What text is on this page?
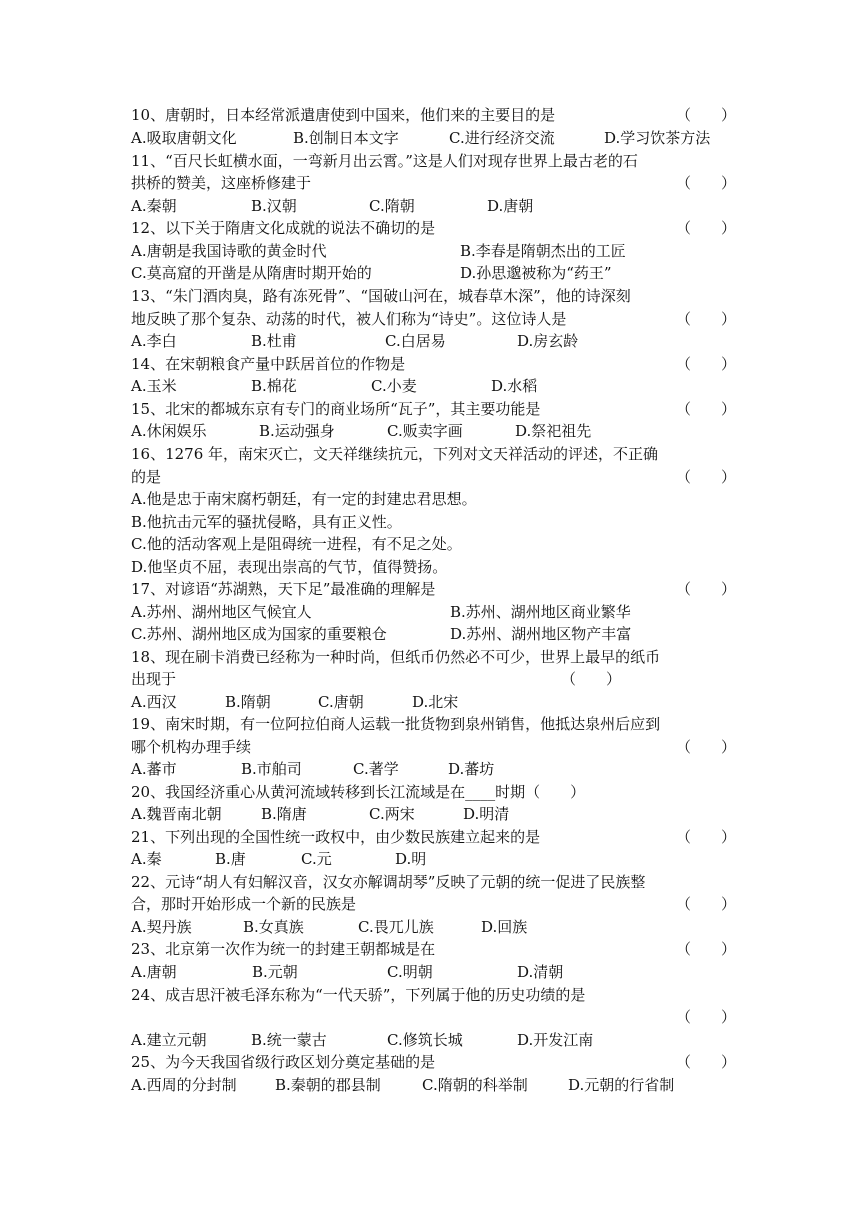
10、唐朝时，日本经常派遣唐使到中国来，他们来的主要目的是	（　　）
A.吸取唐朝文化	B.创制日本文字	C.进行经济交流	D.学习饮茶方法
11、“百尺长虹横水面，一弯新月出云霄。”这是人们对现存世界上最古老的石
拱桥的赞美，这座桥修建于	（　　）
A.秦朝	B.汉朝	C.隋朝	D.唐朝
12、以下关于隋唐文化成就的说法不确切的是	（　　）
A.唐朝是我国诗歌的黄金时代	B.李春是隋朝杰出的工匠
C.莫高窟的开凿是从隋唐时期开始的	D.孙思邈被称为“药王”
13、“朱门酒肉臭，路有冻死骨”、“国破山河在，城春草木深”，他的诗深刻
地反映了那个复杂、动荡的时代，被人们称为“诗史”。这位诗人是	（　　）
A.李白	B.杜甫	C.白居易	D.房玄龄
14、在宋朝粮食产量中跃居首位的作物是	（　　）
A.玉米	B.棉花	C.小麦	D.水稻
15、北宋的都城东京有专门的商业场所“瓦子”，其主要功能是	（　　）
A.休闲娱乐	B.运动强身	C.贩卖字画	D.祭祀祖先
16、1276 年，南宋灭亡，文天祥继续抗元，下列对文天祥活动的评述，不正确
的是	（　　）
A.他是忠于南宋腐朽朝廷，有一定的封建忠君思想。
B.他抗击元军的骚扰侵略，具有正义性。
C.他的活动客观上是阻碍统一进程，有不足之处。
D.他坚贞不屈，表现出崇高的气节，值得赞扬。
17、对谚语“苏湖熟，天下足”最准确的理解是	（　　）
A.苏州、湖州地区气候宜人	B.苏州、湖州地区商业繁华
C.苏州、湖州地区成为国家的重要粮仓	D.苏州、湖州地区物产丰富
18、现在刷卡消费已经称为一种时尚，但纸币仍然必不可少，世界上最早的纸币
出现于	（　　）
A.西汉	B.隋朝	C.唐朝	D.北宋
19、南宋时期，有一位阿拉伯商人运载一批货物到泉州销售，他抵达泉州后应到
哪个机构办理手续	（　　）
A.蕃市	B.市舶司	C.著学	D.蕃坊
20、我国经济重心从黄河流域转移到长江流域是在____时期（　　）
A.魏晋南北朝	B.隋唐	C.两宋	D.明清
21、下列出现的全国性统一政权中，由少数民族建立起来的是	（　　）
A.秦	B.唐	C.元	D.明
22、元诗“胡人有妇解汉音，汉女亦解调胡琴”反映了元朝的统一促进了民族整
合，那时开始形成一个新的民族是	（　　）
A.契丹族	B.女真族	C.畏兀儿族	D.回族
23、北京第一次作为统一的封建王朝都城是在	（　　）
A.唐朝	B.元朝	C.明朝	D.清朝
24、成吉思汗被毛泽东称为“一代天骄”，下列属于他的历史功绩的是
（　　）
A.建立元朝	B.统一蒙古	C.修筑长城	D.开发江南
25、为今天我国省级行政区划分奠定基础的是	（　　）
A.西周的分封制	B.秦朝的郡县制	C.隋朝的科举制	D.元朝的行省制
